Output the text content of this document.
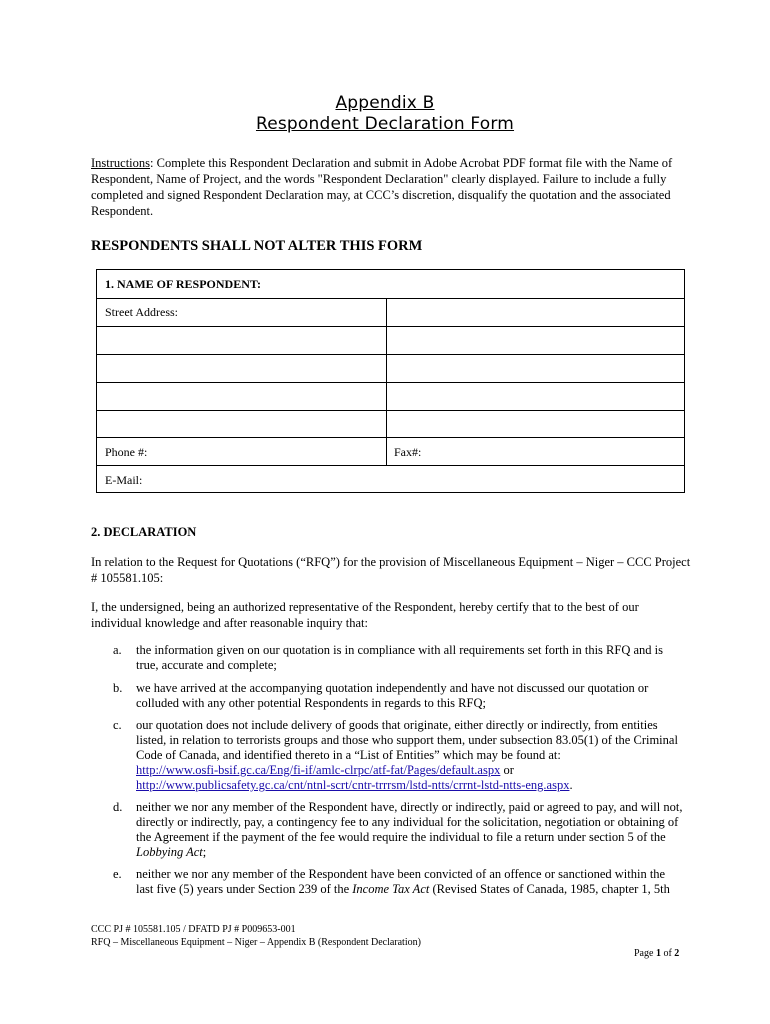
Appendix B
Respondent Declaration Form
Instructions: Complete this Respondent Declaration and submit in Adobe Acrobat PDF format file with the Name of Respondent, Name of Project, and the words "Respondent Declaration" clearly displayed. Failure to include a fully completed and signed Respondent Declaration may, at CCC’s discretion, disqualify the quotation and the associated Respondent.
RESPONDENTS SHALL NOT ALTER THIS FORM
1. NAME OF RESPONDENT:
Street Address:
Phone #:	Fax#:
E-Mail:
2. DECLARATION
In relation to the Request for Quotations (“RFQ”) for the provision of Miscellaneous Equipment – Niger – CCC Project # 105581.105:
I, the undersigned, being an authorized representative of the Respondent, hereby certify that to the best of our individual knowledge and after reasonable inquiry that:
a. the information given on our quotation is in compliance with all requirements set forth in this RFQ and is true, accurate and complete;
b. we have arrived at the accompanying quotation independently and have not discussed our quotation or colluded with any other potential Respondents in regards to this RFQ;
c. our quotation does not include delivery of goods that originate, either directly or indirectly, from entities listed, in relation to terrorists groups and those who support them, under subsection 83.05(1) of the Criminal Code of Canada, and identified thereto in a “List of Entities” which may be found at:
http://www.osfi-bsif.gc.ca/Eng/fi-if/amlc-clrpc/atf-fat/Pages/default.aspx or
http://www.publicsafety.gc.ca/cnt/ntnl-scrt/cntr-trrrsm/lstd-ntts/crrnt-lstd-ntts-eng.aspx.
d. neither we nor any member of the Respondent have, directly or indirectly, paid or agreed to pay, and will not, directly or indirectly, pay, a contingency fee to any individual for the solicitation, negotiation or obtaining of the Agreement if the payment of the fee would require the individual to file a return under section 5 of the Lobbying Act;
e. neither we nor any member of the Respondent have been convicted of an offence or sanctioned within the last five (5) years under Section 239 of the Income Tax Act (Revised States of Canada, 1985, chapter 1, 5th
CCC PJ # 105581.105 / DFATD PJ # P009653-001
RFQ – Miscellaneous Equipment – Niger – Appendix B (Respondent Declaration)
Page 1 of 2
